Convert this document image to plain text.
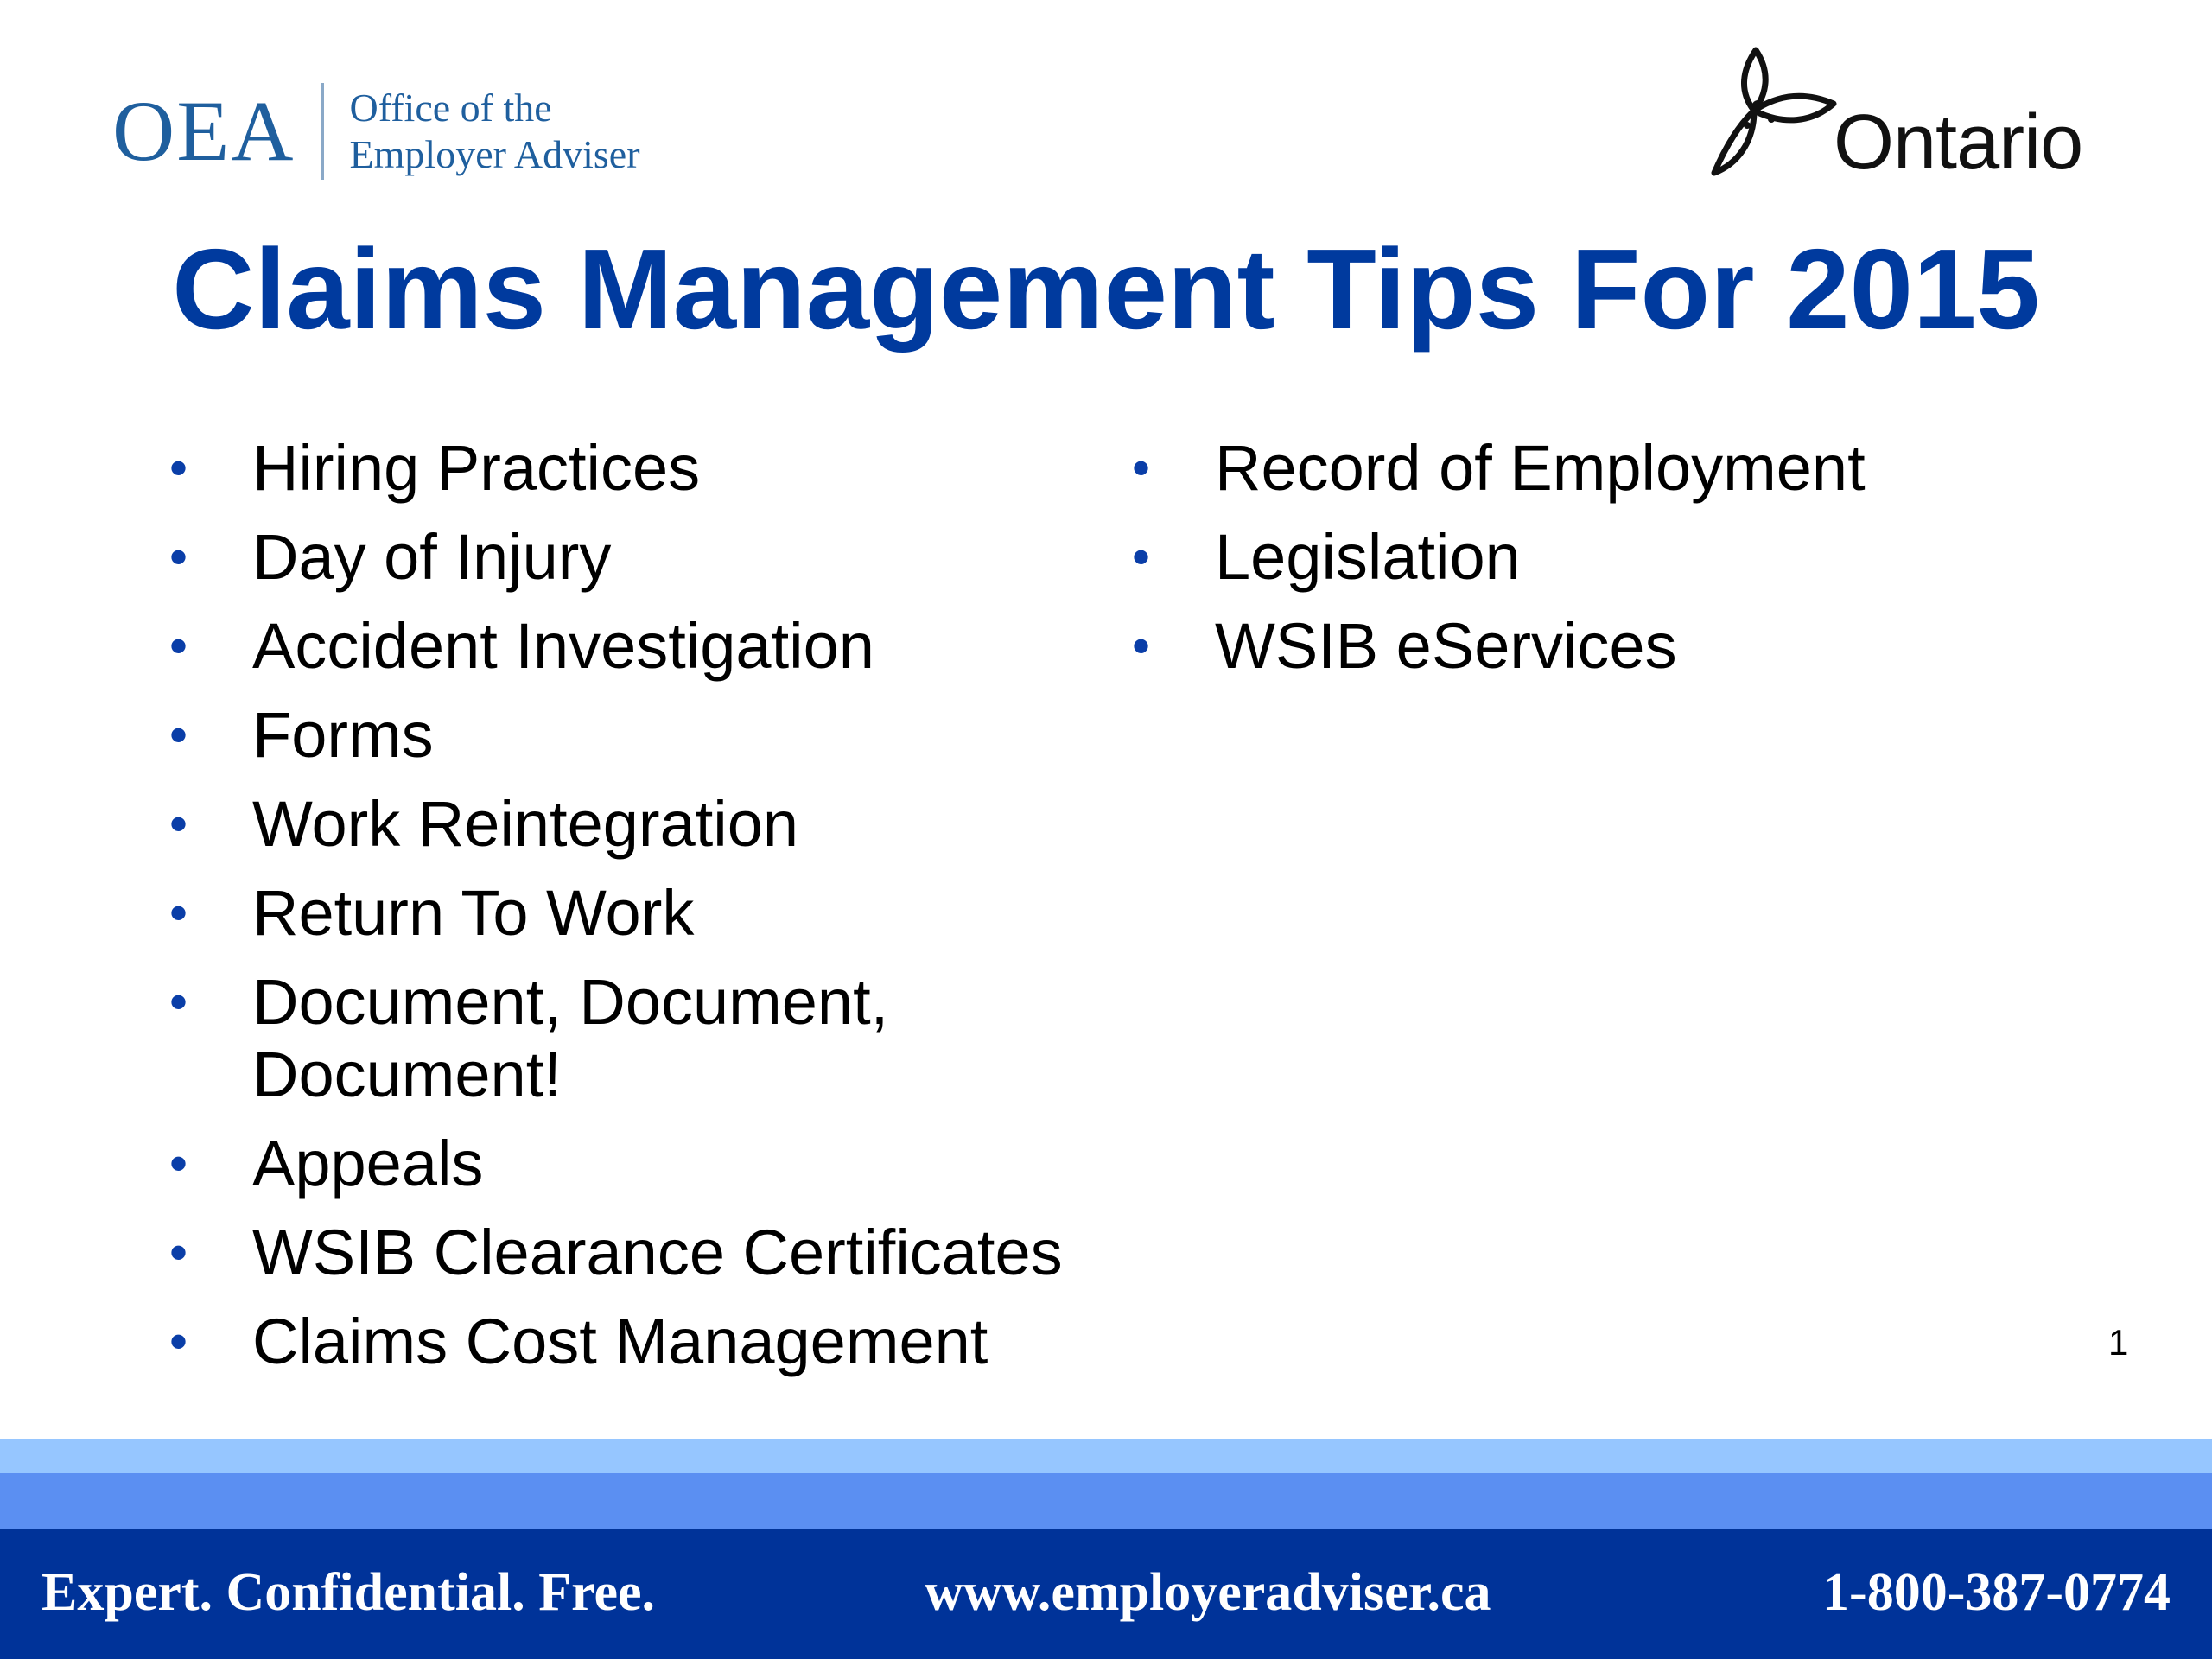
OEA Office of the
Employer Adviser	Ontario
Claims Management Tips For 2015
• Hiring Practices
• Day of Injury
• Accident Investigation
• Forms
• Work Reintegration
• Return To Work
• Document, Document, Document!
• Appeals
• WSIB Clearance Certificates
• Claims Cost Management
• Record of Employment
• Legislation
• WSIB eServices
1
Expert. Confidential. Free.	www.employeradviser.ca	1-800-387-0774
